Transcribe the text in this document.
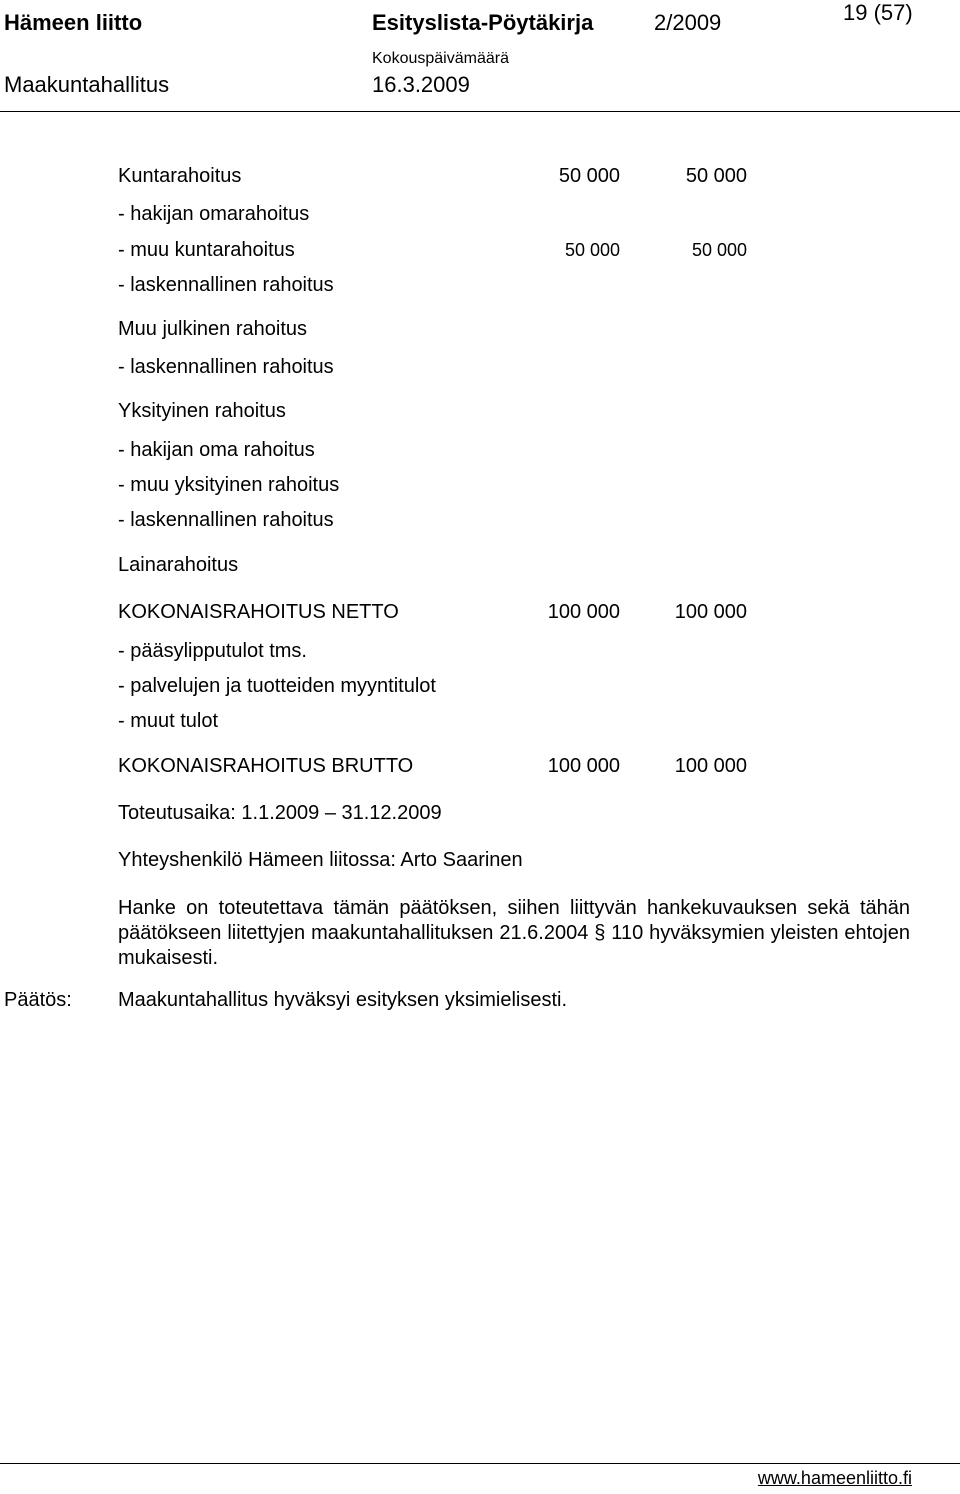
Hämeen liitto	Esityslista-Pöytäkirja	2/2009	19 (57)
Maakuntahallitus
Kokouspäivämäärä
16.3.2009
Kuntarahoitus	50 000	50 000
- hakijan omarahoitus
- muu kuntarahoitus	50 000	50 000
- laskennallinen rahoitus
Muu julkinen rahoitus
- laskennallinen rahoitus
Yksityinen rahoitus
- hakijan oma rahoitus
- muu yksityinen rahoitus
- laskennallinen rahoitus
Lainarahoitus
KOKONAISRAHOITUS NETTO	100 000	100 000
- pääsylipputulot tms.
- palvelujen ja tuotteiden myyntitulot
- muut tulot
KOKONAISRAHOITUS BRUTTO	100 000	100 000
Toteutusaika: 1.1.2009 – 31.12.2009
Yhteyshenkilö Hämeen liitossa: Arto Saarinen
Hanke on toteutettava tämän päätöksen, siihen liittyvän hankekuvauksen sekä tähän päätökseen liitettyjen maakuntahallituksen 21.6.2004 § 110 hyväksymien yleisten ehtojen mukaisesti.
Päätös: Maakuntahallitus hyväksyi esityksen yksimielisesti.
www.hameenliitto.fi
